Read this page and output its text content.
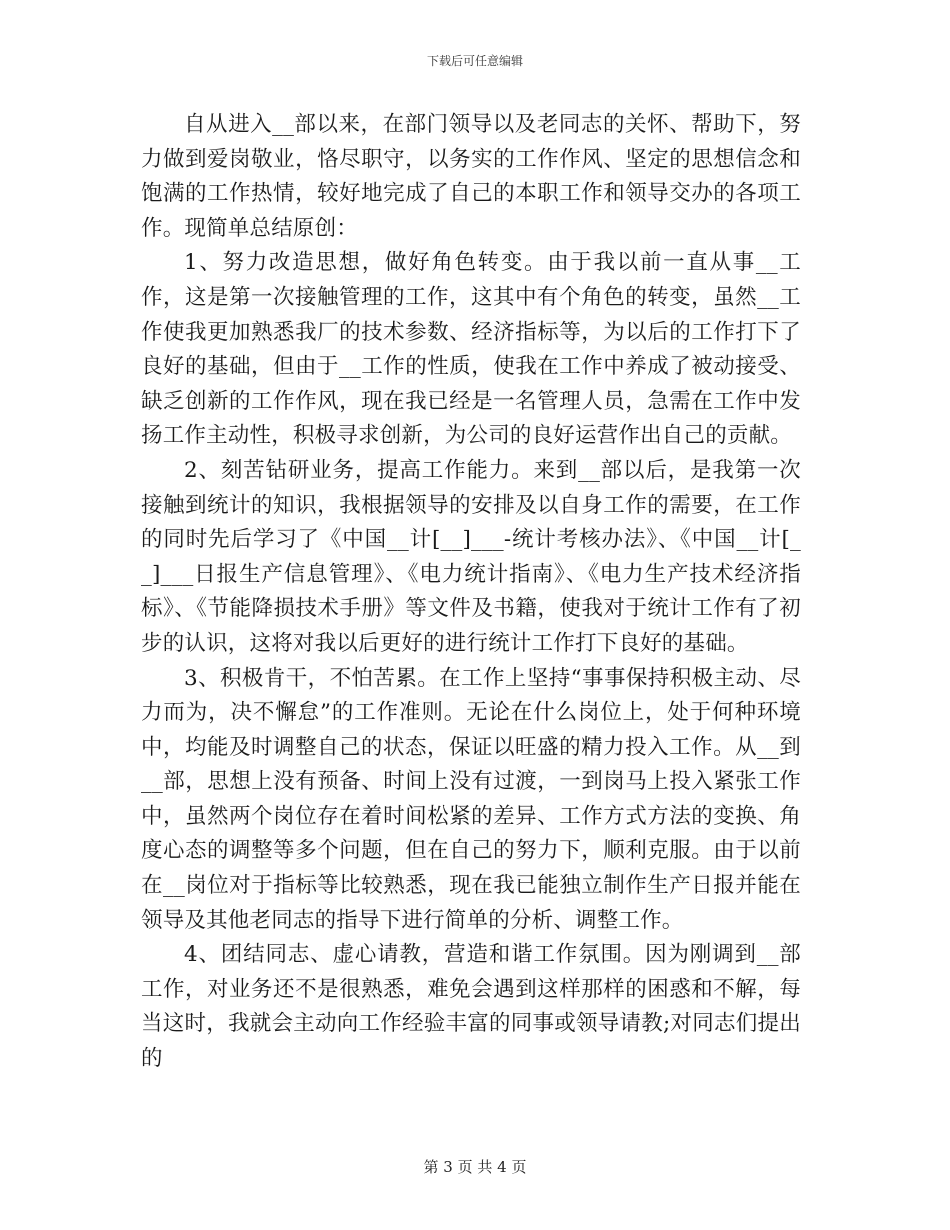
下载后可任意编辑

自从进入__部以来，在部门领导以及老同志的关怀、帮助下，努力做到爱岗敬业，恪尽职守，以务实的工作作风、坚定的思想信念和饱满的工作热情，较好地完成了自己的本职工作和领导交办的各项工作。现简单总结原创：

1、努力改造思想，做好角色转变。由于我以前一直从事__工作，这是第一次接触管理的工作，这其中有个角色的转变，虽然__工作使我更加熟悉我厂的技术参数、经济指标等，为以后的工作打下了良好的基础，但由于__工作的性质，使我在工作中养成了被动接受、缺乏创新的工作作风，现在我已经是一名管理人员，急需在工作中发扬工作主动性，积极寻求创新，为公司的良好运营作出自己的贡献。

2、刻苦钻研业务，提高工作能力。来到__部以后，是我第一次接触到统计的知识，我根据领导的安排及以自身工作的需要，在工作的同时先后学习了《中国__计[__]___-统计考核办法》、《中国__计[__]___日报生产信息管理》、《电力统计指南》、《电力生产技术经济指标》、《节能降损技术手册》等文件及书籍，使我对于统计工作有了初步的认识，这将对我以后更好的进行统计工作打下良好的基础。

3、积极肯干，不怕苦累。在工作上坚持“事事保持积极主动、尽力而为，决不懈怠”的工作准则。无论在什么岗位上，处于何种环境中，均能及时调整自己的状态，保证以旺盛的精力投入工作。从__到__部，思想上没有预备、时间上没有过渡，一到岗马上投入紧张工作中，虽然两个岗位存在着时间松紧的差异、工作方式方法的变换、角度心态的调整等多个问题，但在自己的努力下，顺利克服。由于以前在__岗位对于指标等比较熟悉，现在我已能独立制作生产日报并能在领导及其他老同志的指导下进行简单的分析、调整工作。

4、团结同志、虚心请教，营造和谐工作氛围。因为刚调到__部工作，对业务还不是很熟悉，难免会遇到这样那样的困惑和不解，每当这时，我就会主动向工作经验丰富的同事或领导请教;对同志们提出的

第 3 页 共 4 页
